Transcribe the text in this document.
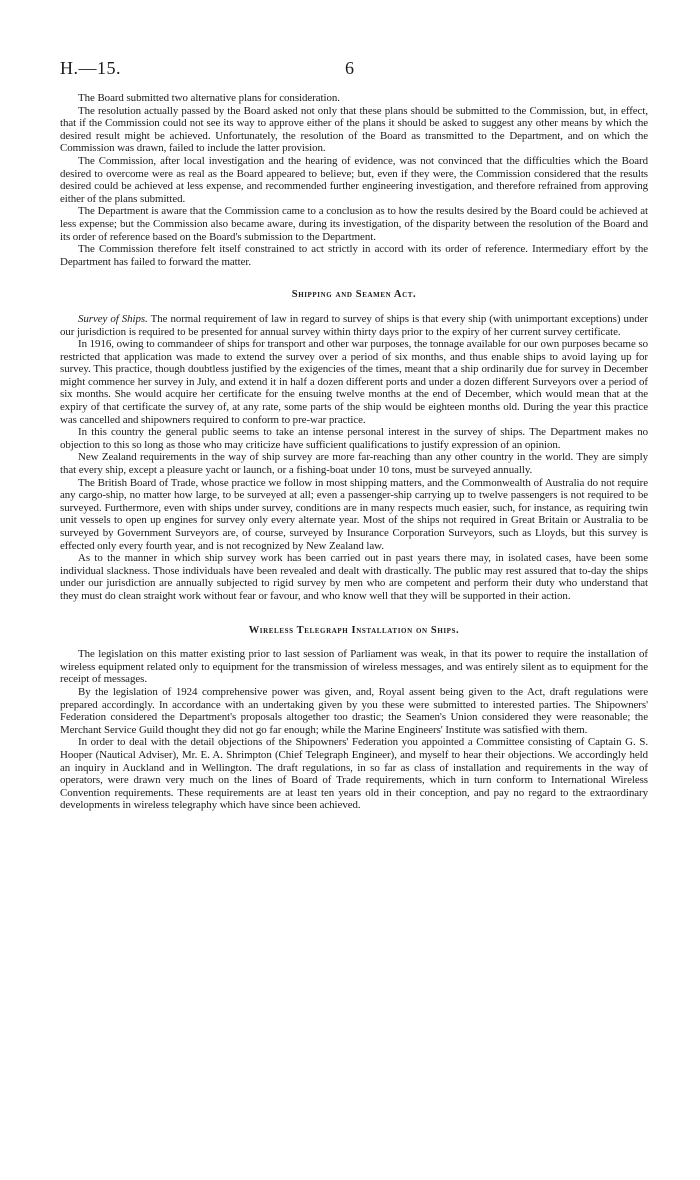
H.—15.	6

The Board submitted two alternative plans for consideration.

The resolution actually passed by the Board asked not only that these plans should be submitted to the Commission, but, in effect, that if the Commission could not see its way to approve either of the plans it should be asked to suggest any other means by which the desired result might be achieved. Unfortunately, the resolution of the Board as transmitted to the Department, and on which the Commission was drawn, failed to include the latter provision.

The Commission, after local investigation and the hearing of evidence, was not convinced that the difficulties which the Board desired to overcome were as real as the Board appeared to believe; but, even if they were, the Commission considered that the results desired could be achieved at less expense, and recommended further engineering investigation, and therefore refrained from approving either of the plans submitted.

The Department is aware that the Commission came to a conclusion as to how the results desired by the Board could be achieved at less expense; but the Commission also became aware, during its investigation, of the disparity between the resolution of the Board and its order of reference based on the Board's submission to the Department.

The Commission therefore felt itself constrained to act strictly in accord with its order of reference. Intermediary effort by the Department has failed to forward the matter.

Shipping and Seamen Act.

Survey of Ships. The normal requirement of law in regard to survey of ships is that every ship (with unimportant exceptions) under our jurisdiction is required to be presented for annual survey within thirty days prior to the expiry of her current survey certificate.

In 1916, owing to commandeer of ships for transport and other war purposes, the tonnage available for our own purposes became so restricted that application was made to extend the survey over a period of six months, and thus enable ships to avoid laying up for survey. This practice, though doubtless justified by the exigencies of the times, meant that a ship ordinarily due for survey in December might commence her survey in July, and extend it in half a dozen different ports and under a dozen different Surveyors over a period of six months. She would acquire her certificate for the ensuing twelve months at the end of December, which would mean that at the expiry of that certificate the survey of, at any rate, some parts of the ship would be eighteen months old. During the year this practice was cancelled and shipowners required to conform to pre-war practice.

In this country the general public seems to take an intense personal interest in the survey of ships. The Department makes no objection to this so long as those who may criticize have sufficient qualifications to justify expression of an opinion.

New Zealand requirements in the way of ship survey are more far-reaching than any other country in the world. They are simply that every ship, except a pleasure yacht or launch, or a fishing-boat under 10 tons, must be surveyed annually.

The British Board of Trade, whose practice we follow in most shipping matters, and the Commonwealth of Australia do not require any cargo-ship, no matter how large, to be surveyed at all; even a passenger-ship carrying up to twelve passengers is not required to be surveyed. Furthermore, even with ships under survey, conditions are in many respects much easier, such, for instance, as requiring twin unit vessels to open up engines for survey only every alternate year. Most of the ships not required in Great Britain or Australia to be surveyed by Government Surveyors are, of course, surveyed by Insurance Corporation Surveyors, such as Lloyds, but this survey is effected only every fourth year, and is not recognized by New Zealand law.

As to the manner in which ship survey work has been carried out in past years there may, in isolated cases, have been some individual slackness. Those individuals have been revealed and dealt with drastically. The public may rest assured that to-day the ships under our jurisdiction are annually subjected to rigid survey by men who are competent and perform their duty who understand that they must do clean straight work without fear or favour, and who know well that they will be supported in their action.

Wireless Telegraph Installation on Ships.

The legislation on this matter existing prior to last session of Parliament was weak, in that its power to require the installation of wireless equipment related only to equipment for the transmission of wireless messages, and was entirely silent as to equipment for the receipt of messages.

By the legislation of 1924 comprehensive power was given, and, Royal assent being given to the Act, draft regulations were prepared accordingly. In accordance with an undertaking given by you these were submitted to interested parties. The Shipowners' Federation considered the Department's proposals altogether too drastic; the Seamen's Union considered they were reasonable; the Merchant Service Guild thought they did not go far enough; while the Marine Engineers' Institute was satisfied with them.

In order to deal with the detail objections of the Shipowners' Federation you appointed a Committee consisting of Captain G. S. Hooper (Nautical Adviser), Mr. E. A. Shrimpton (Chief Telegraph Engineer), and myself to hear their objections. We accordingly held an inquiry in Auckland and in Wellington. The draft regulations, in so far as class of installation and requirements in the way of operators, were drawn very much on the lines of Board of Trade requirements, which in turn conform to International Wireless Convention requirements. These requirements are at least ten years old in their conception, and pay no regard to the extraordinary developments in wireless telegraphy which have since been achieved.
